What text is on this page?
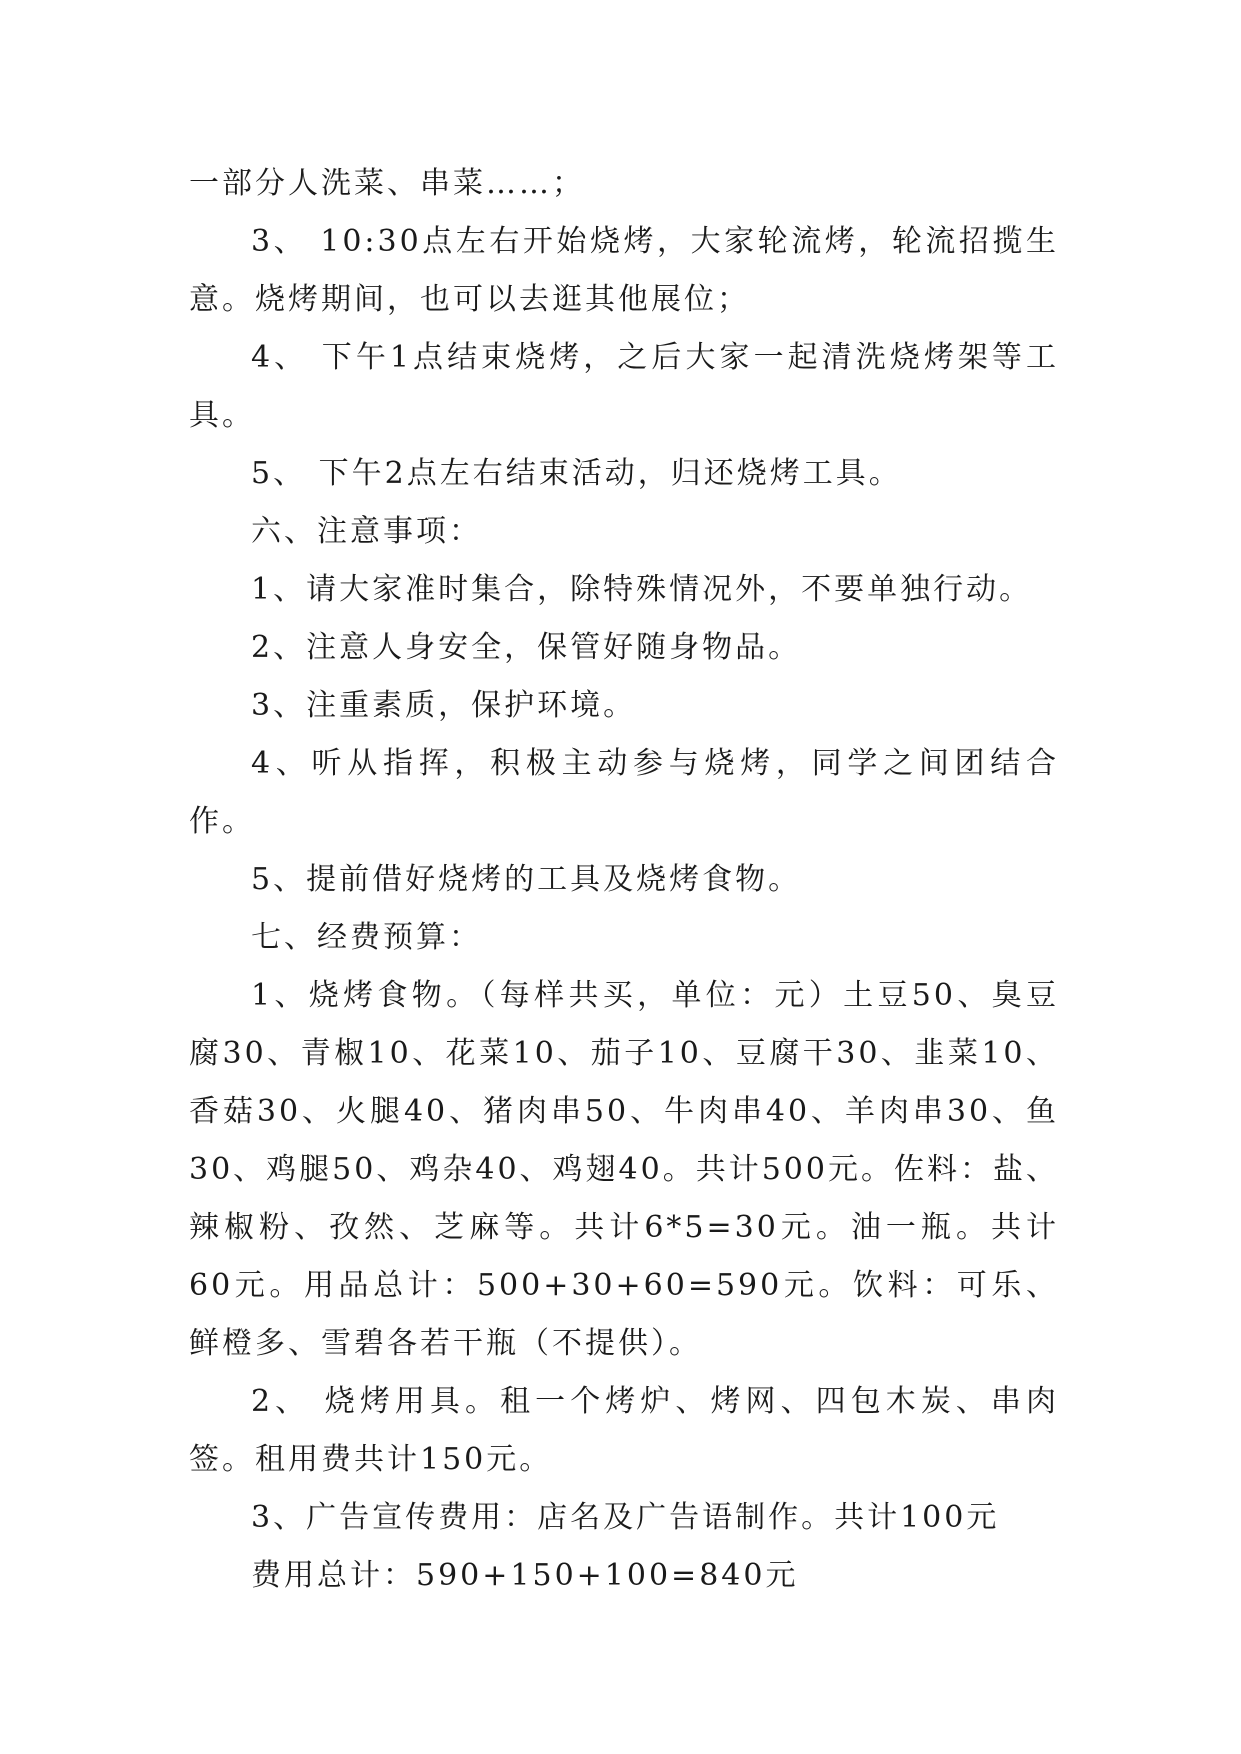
一部分人洗菜、串菜……；

3、 10:30点左右开始烧烤，大家轮流烤，轮流招揽生意。烧烤期间，也可以去逛其他展位；

4、 下午1点结束烧烤，之后大家一起清洗烧烤架等工具。

5、 下午2点左右结束活动，归还烧烤工具。

六、注意事项：

1、请大家准时集合，除特殊情况外，不要单独行动。

2、注意人身安全，保管好随身物品。

3、注重素质，保护环境。

4、听从指挥，积极主动参与烧烤，同学之间团结合作。

5、提前借好烧烤的工具及烧烤食物。

七、经费预算：

1、烧烤食物。（每样共买，单位：元）土豆50、臭豆腐30、青椒10、花菜10、茄子10、豆腐干30、韭菜10、香菇30、火腿40、猪肉串50、牛肉串40、羊肉串30、鱼30、鸡腿50、鸡杂40、鸡翅40。共计500元。佐料：盐、辣椒粉、孜然、芝麻等。共计6*5=30元。油一瓶。共计60元。用品总计：500+30+60=590元。饮料：可乐、鲜橙多、雪碧各若干瓶（不提供）。

2、 烧烤用具。租一个烤炉、烤网、四包木炭、串肉签。租用费共计150元。

3、广告宣传费用：店名及广告语制作。共计100元

费用总计：590+150+100=840元
